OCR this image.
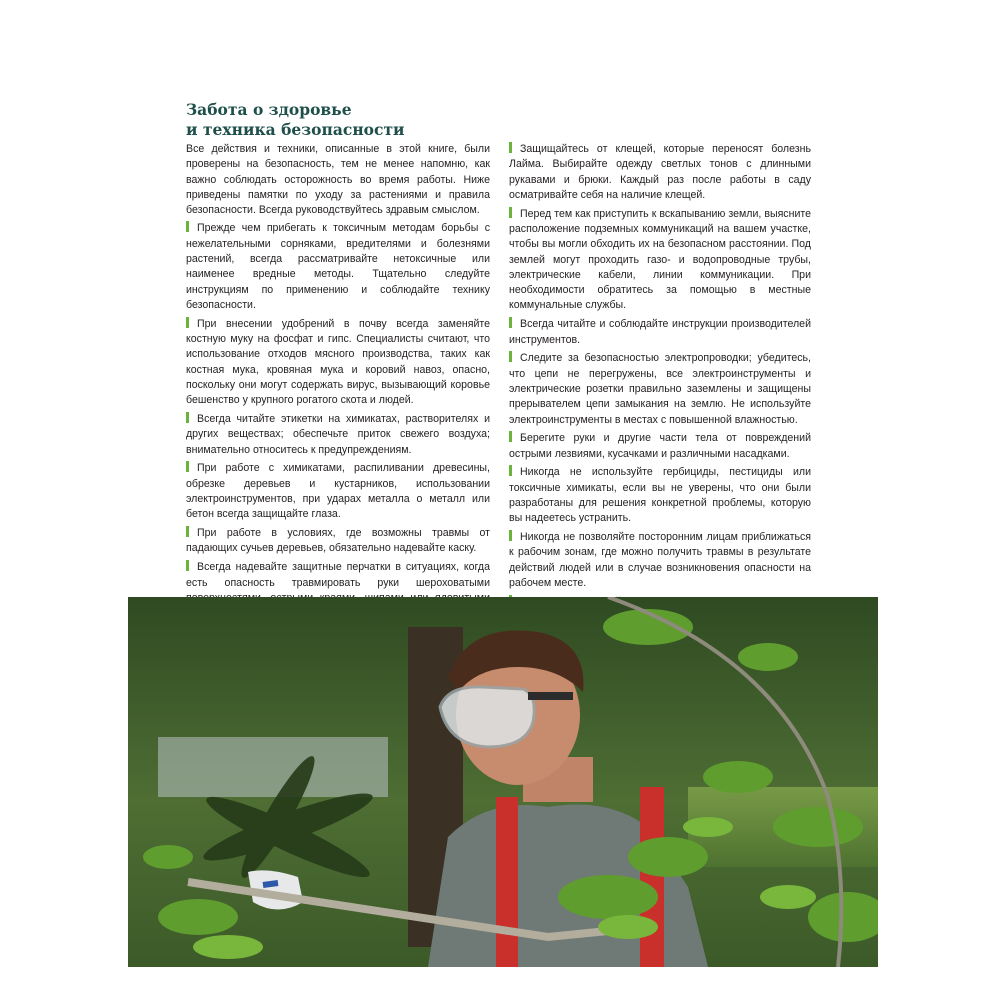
Забота о здоровье
и техника безопасности

Все действия и техники, описанные в этой книге, были проверены на безопасность, тем не менее напомню, как важно соблюдать осторожность во время работы. Ниже приведены памятки по уходу за растениями и правила безопасности. Всегда руководствуйтесь здравым смыслом.

Прежде чем прибегать к токсичным методам борьбы с нежелательными сорняками, вредителями и болезнями растений, всегда рассматривайте нетоксичные или наименее вредные методы. Тщательно следуйте инструкциям по применению и соблюдайте технику безопасности.

При внесении удобрений в почву всегда заменяйте костную муку на фосфат и гипс. Специалисты считают, что использование отходов мясного производства, таких как костная мука, кровяная мука и коровий навоз, опасно, поскольку они могут содержать вирус, вызывающий коровье бешенство у крупного рогатого скота и людей.

Всегда читайте этикетки на химикатах, растворителях и других веществах; обеспечьте приток свежего воздуха; внимательно относитесь к предупреждениям.

При работе с химикатами, распиливании древесины, обрезке деревьев и кустарников, использовании электроинструментов, при ударах металла о металл или бетон всегда защищайте глаза.

При работе в условиях, где возможны травмы от падающих сучьев деревьев, обязательно надевайте каску.

Всегда надевайте защитные перчатки в ситуациях, когда есть опасность травмировать руки шероховатыми

Защищайтесь от клещей, которые переносят болезнь Лайма. Выбирайте одежду светлых тонов с длинными рукавами и брюки. Каждый раз после работы в саду осматривайте себя на наличие клещей.

Перед тем как приступить к вскапыванию земли, выясните расположение подземных коммуникаций на вашем участке, чтобы вы могли обходить их на безопасном расстоянии. Под землей могут проходить газо- и водопроводные трубы, электрические кабели, линии коммуникации. При необходимости обратитесь за помощью в местные коммунальные службы.

Всегда читайте и соблюдайте инструкции производителей инструментов.

Следите за безопасностью электропроводки; убедитесь, что цепи не перегружены, все электроинструменты и электрические розетки правильно заземлены и защищены прерывателем цепи замыкания на землю. Не используйте электроинструменты в местах с повышенной влажностью.

Берегите руки и другие части тела от повреждений острыми лезвиями, кусачками и различными насадками.

Никогда не используйте гербициды, пестициды или токсичные химикаты, если вы не уверены, что они были разработаны для решения конкретной проблемы, которую вы надеетесь устранить.

Никогда не позволяйте посторонним лицам приближаться к рабочим зонам, где можно получить травмы в результате действий людей или в случае возникновения опасности на рабочем месте.
